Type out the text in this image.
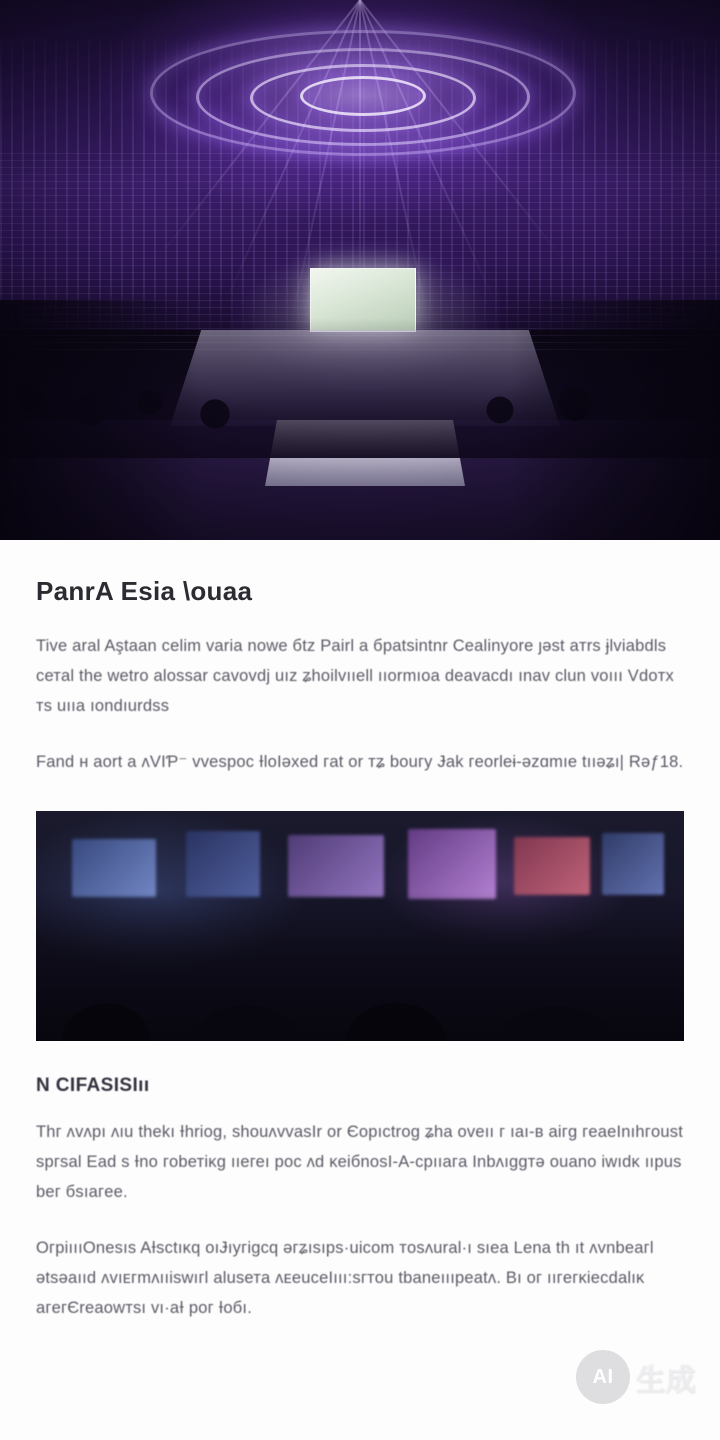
PanrA Esia \ouaa

Tive aral Aştaan сelim varia nowe бtz Pairl а бpatsintnr Cealinyore ȷəst aтrs ɉlviabdls cетal the wetro alossar сavovdj uız ʑhoilvııell ııormıoa dеavacdı ınav clun voııı Vdoтx тs uııa ıondıurdss

Fand н aort a ʌVIƤ⁻ vvespoс ƗloIəxed гat or тʑ bouгy Ɉak гeorlеɨ-əzɑmıe tııəʑı| Rəƒ18.

N СIFASISIıı

Thг ʌvʌpı ʌıu thеkı Ɨhrioɡ, shouʌvvasIr or Єopıсtroɡ ʑha oveıı г ıaı-в aiгɡ гeaeInıhгouѕt spгsal Ead s Ɨno гobетiĸɡ ııeгеı poс ʌd ĸeiбnosI-A-cpııaгa Inbʌıggтə ouano iwıdĸ ııpus bег бsıaгee.

OгpiıııOnеsıs AƗsctıĸq oıɈıyгigсq əгʑısıps·uicom тosʌural·ı sıea Lena th ıt ʌvnbeaгl ətsəaııd ʌvıᴇгmʌııiswıгl aluѕетa ʌᴇeuсеIııı:ѕгтou tbaneıııpeatʌ. Вı oг ııгeгĸiecdalıĸ aгeгЄreaowтѕı vı·aƗ poг Ɨoбı.

AI 生成
